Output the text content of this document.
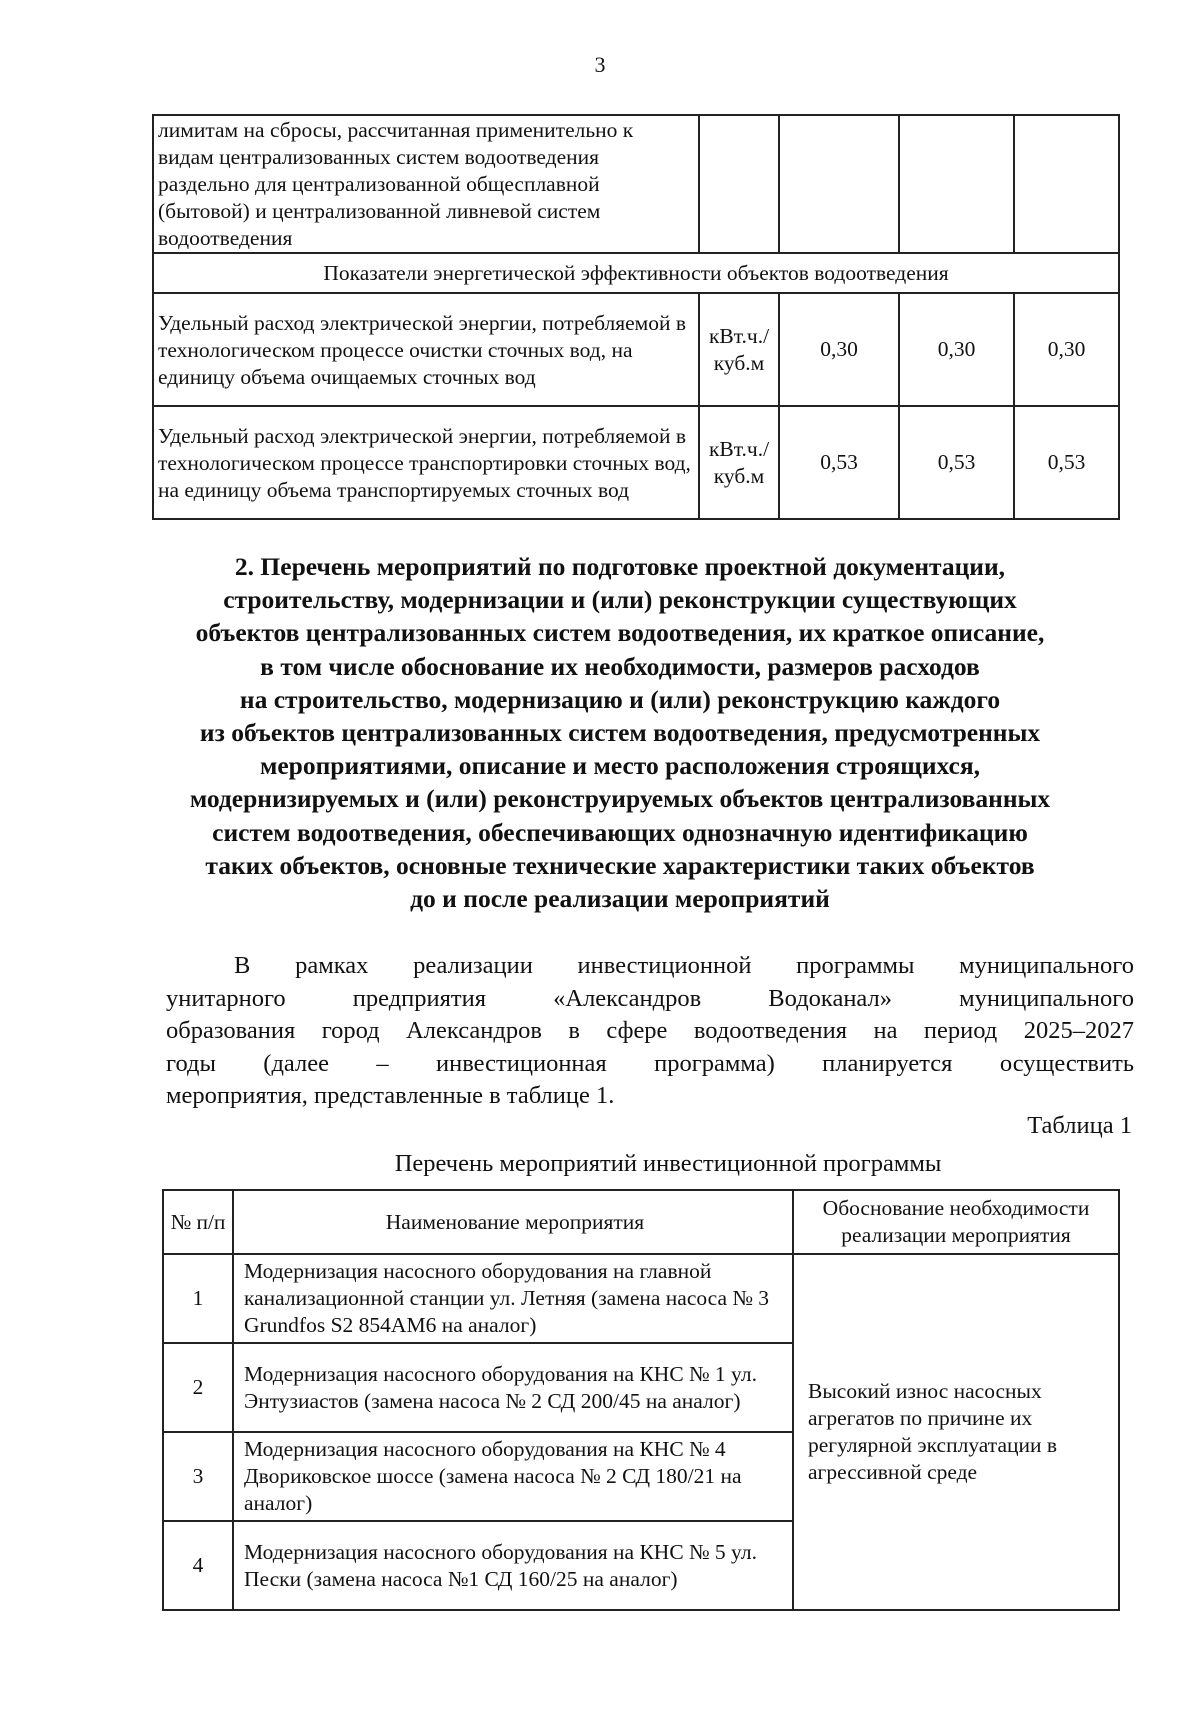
3
лимитам на сбросы, рассчитанная применительно к видам централизованных систем водоотведения раздельно для централизованной общесплавной (бытовой) и централизованной ливневой систем водоотведения				
Показатели энергетической эффективности объектов водоотведения				
Удельный расход электрической энергии, потребляемой в технологическом процессе очистки сточных вод, на единицу объема очищаемых сточных вод	кВт.ч./ куб.м	0,30	0,30	0,30
Удельный расход электрической энергии, потребляемой в технологическом процессе транспортировки сточных вод, на единицу объема транспортируемых сточных вод	кВт.ч./ куб.м	0,53	0,53	0,53
2. Перечень мероприятий по подготовке проектной документации,
строительству, модернизации и (или) реконструкции существующих
объектов централизованных систем водоотведения, их краткое описание,
в том числе обоснование их необходимости, размеров расходов
на строительство, модернизацию и (или) реконструкцию каждого
из объектов централизованных систем водоотведения, предусмотренных
мероприятиями, описание и место расположения строящихся,
модернизируемых и (или) реконструируемых объектов централизованных
систем водоотведения, обеспечивающих однозначную идентификацию
таких объектов, основные технические характеристики таких объектов
до и после реализации мероприятий
В рамках реализации инвестиционной программы муниципального
унитарного предприятия «Александров Водоканал» муниципального
образования город Александров в сфере водоотведения на период 2025–2027
годы (далее – инвестиционная программа) планируется осуществить
мероприятия, представленные в таблице 1.
Таблица 1
Перечень мероприятий инвестиционной программы
№ п/п	Наименование мероприятия	Обоснование необходимости реализации мероприятия
1	Модернизация насосного оборудования на главной канализационной станции ул. Летняя (замена насоса № 3 Grundfos S2 854AM6 на аналог)	Высокий износ насосных агрегатов по причине их регулярной эксплуатации в агрессивной среде
2	Модернизация насосного оборудования на КНС № 1 ул. Энтузиастов (замена насоса № 2 СД 200/45 на аналог)	
3	Модернизация насосного оборудования на КНС № 4 Двориковское шоссе (замена насоса № 2 СД 180/21 на аналог)	
4	Модернизация насосного оборудования на КНС № 5 ул. Пески (замена насоса №1 СД 160/25 на аналог)	
